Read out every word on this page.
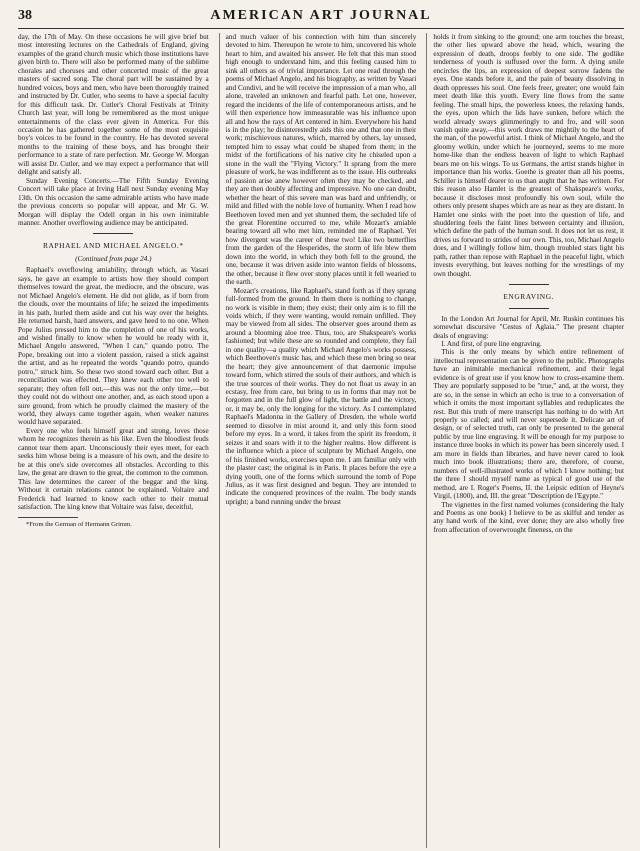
38	AMERICAN ART JOURNAL

day, the 17th of May. On these occasions he will give brief but most interesting lectures on the Cathedrals of England, giving examples of the grand church music which those institutions have given birth to. There will also be performed many of the sublime chorales and choruses and other concerted music of the great masters of sacred song. The choral part will be sustained by a hundred voices, boys and men, who have been thoroughly trained and instructed by Dr. Cutler, who seems to have a special faculty for this difficult task. Dr. Cutler's Choral Festivals at Trinity Church last year, will long be remembered as the most unique entertainments of the class ever given in America. For this occasion he has gathered together some of the most exquisite boy's voices to be found in the country. He has devoted several months to the training of these boys, and has brought their performance to a state of rare perfection. Mr. George W. Morgan will assist Dr. Cutler, and we may expect a performance that will delight and satisfy all.

Sunday Evening Concerts.—The Fifth Sunday Evening Concert will take place at Irving Hall next Sunday evening May 13th. On this occasion the same admirable artists who have made the previous concerts so popular will appear, and Mr G. W. Morgan will display the Odell organ in his own inimitable manner. Another overflowing audience may be anticipated.

RAPHAEL AND MICHAEL ANGELO.*
(Continued from page 24.)

Raphael's overflowing amiability, through which, as Vasari says, he gave an example to artists how they should comport themselves toward the great, the mediocre, and the obscure, was not Michael Angelo's element. He did not glide, as if born from the clouds, over the mountains of life; he seized the impediments in his path, hurled them aside and cut his way over the heights. He returned harsh, hard answers, and gave heed to no one. When Pope Julius pressed him to the completion of one of his works, and wished finally to know when he would be ready with it, Michael Angelo answered, "When I can," quando potro. The Pope, breaking out into a violent passion, raised a stick against the artist, and as he repeated the words "quando potro, quando potro," struck him. So these two stood toward each other. But a reconciliation was effected. They knew each other too well to separate; they often fell out,—this was not the only time,—but they could not do without one another, and, as each stood upon a sure ground, from which he proudly claimed the mastery of the world, they always came together again, when weaker natures would have separated.

Every one who feels himself great and strong, loves those whom he recognizes therein as his like. Even the bloodiest feuds cannot tear them apart. Unconsciously their eyes meet, for each seeks him whose being is a measure of his own, and the desire to be at this one's side overcomes all obstacles. According to this law, the great are drawn to the great, the common to the common. This law determines the career of the beggar and the king. Without it certain relations cannot be explained. Voltaire and Frederick had learned to know each other to their mutual satisfaction. The king knew that Voltaire was false, deceitful,

*From the German of Hermann Grimm.

and much valuer of his connection with him than sincerely devoted to him. Thereupon he wrote to him, uncovered his whole heart to him, and awaited his answer. He felt that this man stood high enough to understand him, and this feeling caused him to sink all others as of trivial importance. Let one read through the poems of Michael Angelo, and his biography, as written by Vasari and Condivi, and he will receive the impression of a man who, all alone, traveled an unknown and fearful path. Let one, however, regard the incidents of the life of contemporaneous artists, and he will then experience how immeasurable was his influence upon all and how the rays of Art centered in him. Everywhere his hand is in the play; he disinterestedly aids this one and that one in their work; mischievous natures, which, marred by others, lay unused, tempted him to essay what could be shaped from them; in the midst of the fortifications of his native city he chiseled upon a stone in the wall the "Flying Victory." It sprang from the mere pleasure of work, he was indifferent as to the issue. His outbreaks of passion arise anew however often they may be checked, and they are then doubly affecting and impressive. No one can doubt, whether the heart of this severe man was hard and unfriendly, or mild and filled with the noble love of humanity. When I read how Beethoven loved men and yet shunned them, the secluded life of the great Florentine occurred to me, while Mozart's amiable bearing toward all who met him, reminded me of Raphael. Yet how divergent was the career of these two! Like two butterflies from the garden of the Hesperides, the storm of life blew them down into the world, in which they both fell to the ground, the one, because it was driven aside into wanton fields of blossoms, the other, because it flew over stony places until it fell wearied to the earth.

Mozart's creations, like Raphael's, stand forth as if they sprang full-formed from the ground. In them there is nothing to change, no work is visible in them; they exist; their only aim is to fill the voids which, if they were wanting, would remain unfilled. They may be viewed from all sides. The observer goes around them as around a blooming aloe tree. Thus, too, are Shakspeare's works fashioned; but while these are so rounded and complete, they fail in one quality—a quality which Michael Angelo's works possess, which Beethoven's music has, and which these men bring so near the heart; they give announcement of that daemonic impulse toward form, which stirred the souls of their authors, and which is the true sources of their works. They do not float us away in an ecstasy, free from care, but bring to us in forms that may not be forgotten and in the full glow of light, the battle and the victory, or, it may be, only the longing for the victory. As I contemplated Raphael's Madonna in the Gallery of Dresden, the whole world seemed to dissolve in mist around it, and only this form stood before my eyes. In a word, it takes from the spirit its freedom, it seizes it and soars with it to the higher realms. How different is the influence which a piece of sculpture by Michael Angelo, one of his finished works, exercises upon me. I am familiar only with the plaster cast; the original is in Paris. It places before the eye a dying youth, one of the forms which surround the tomb of Pope Julius, as it was first designed and begun. They are intended to indicate the conquered provinces of the realm. The body stands upright; a band running under the breast

holds it from sinking to the ground; one arm touches the breast, the other lies upward above the head, which, wearing the expression of death, droops feebly to one side. The godlike tenderness of youth is suffused over the form. A dying smile encircles the lips, an expression of deepest sorrow fadens the eyes. One stands before it, and the pain of beauty dissolving in death oppresses his soul. One feels freer, greater; one would fain meet death like this youth. Every line flows from the same feeling. The small hips, the powerless knees, the relaxing hands, the eyes, upon which the lids have sunken, before which the world already sways glimmeringly to and fro, and will soon vanish quite away,—this work draws me mightily to the heart of the man, of the powerful artist. I think of Michael Angelo, and the gloomy welkin, under which he journeyed, seems to me more home-like than the endless heaven of light to which Raphael bears me on his wings. To us Germans, the artist stands higher in importance than his works. Goethe is greater than all his poems, Schiller is himself dearer to us than aught that he has written. For this reason also Hamlet is the greatest of Shakspeare's works, because it discloses most profoundly his own soul, while the others only present shapes which are as near as they are distant. In Hamlet one sinks with the poet into the question of life, and shuddering feels the faint lines between certainty and illusion, which define the path of the human soul. It does not let us rest, it drives us forward to strides of our own. This, too, Michael Angelo does, and I willingly follow him, though troubled stars light his path, rather than repose with Raphael in the peaceful light, which invests everything, but leaves nothing for the wrestlings of my own thought.

ENGRAVING.

In the London Art Journal for April, Mr. Ruskin continues his somewhat discursive "Cestus of Aglaia." The present chapter deals of engraving:

I. And first, of pure line engraving.

This is the only means by which entire refinement of intellectual representation can be given to the public. Photographs have an inimitable mechanical refinement, and their legal evidence is of great use if you know how to cross-examine them. They are popularly supposed to be "true," and, at the worst, they are so, in the sense in which an echo is true to a conversation of which it omits the most important syllables and reduplicates the rest. But this truth of mere transcript has nothing to do with Art properly so called; and will never supersede it. Delicate art of design, or of selected truth, can only be presented to the general public by true line engraving. It will be enough for my purpose to instance three books in which its power has been sincerely used. I am more in fields than libraries, and have never cared to look much into book illustrations; there are, therefore, of course, numbers of well-illustrated works of which I know nothing; but the three I should myself name as typical of good use of the method, are I. Roger's Poems, II. the Leipsic edition of Heyne's Virgil, (1800), and, III. the great "Description de l'Egypte."

The vignettes in the first named volumes (considering the Italy and Poems as one book) I believe to be as skilful and tender as any hand work of the kind, ever done; they are also wholly free from affectation of overwrought fineness, on the
